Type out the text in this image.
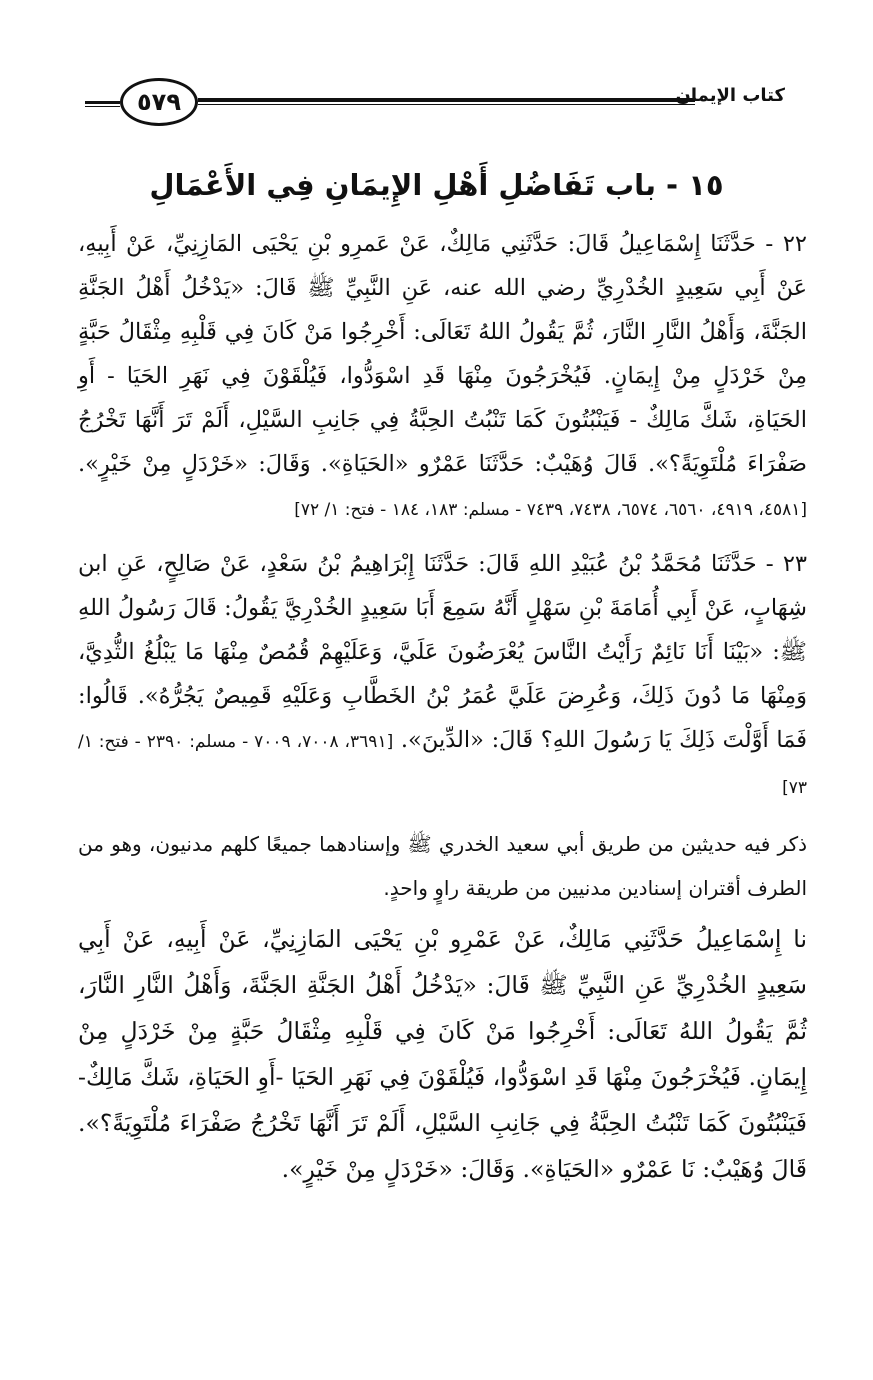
٥٧٩	كتاب الإيمان
١٥ - باب تَفَاضُلِ أَهْلِ الإِيمَانِ فِي الأَعْمَالِ

٢٢ - حَدَّثَنَا إِسْمَاعِيلُ قَالَ: حَدَّثَنِي مَالِكٌ، عَنْ عَمرِو بْنِ يَحْيَى المَازِنِيِّ، عَنْ أَبِيهِ، عَنْ أَبِي سَعِيدٍ الخُدْرِيِّ رضي الله عنه، عَنِ النَّبِيِّ ﷺ قَالَ: «يَدْخُلُ أَهْلُ الجَنَّةِ الجَنَّةَ، وَأَهْلُ النَّارِ النَّارَ، ثُمَّ يَقُولُ اللهُ تَعَالَى: أَخْرِجُوا مَنْ كَانَ فِي قَلْبِهِ مِثْقَالُ حَبَّةٍ مِنْ خَرْدَلٍ مِنْ إِيمَانٍ. فَيُخْرَجُونَ مِنْهَا قَدِ اسْوَدُّوا، فَيُلْقَوْنَ فِي نَهَرِ الحَيَا - أَوِ الحَيَاةِ، شَكَّ مَالِكٌ - فَيَنْبُتُونَ كَمَا تَنْبُتُ الحِبَّةُ فِي جَانِبِ السَّيْلِ، أَلَمْ تَرَ أَنَّهَا تَخْرُجُ صَفْرَاءَ مُلْتَوِيَةً؟». قَالَ وُهَيْبٌ: حَدَّثَنَا عَمْرٌو «الحَيَاةِ». وَقَالَ: «خَرْدَلٍ مِنْ خَيْرٍ». [٤٥٨١، ٤٩١٩، ٦٥٦٠، ٦٥٧٤، ٧٤٣٨، ٧٤٣٩ - مسلم: ١٨٣، ١٨٤ - فتح: ١/ ٧٢]

٢٣ - حَدَّثَنَا مُحَمَّدُ بْنُ عُبَيْدِ اللهِ قَالَ: حَدَّثَنَا إِبْرَاهِيمُ بْنُ سَعْدٍ، عَنْ صَالِحٍ، عَنِ ابن شِهَابٍ، عَنْ أَبِي أُمَامَةَ بْنِ سَهْلٍ أَنَّهُ سَمِعَ أَبَا سَعِيدٍ الخُدْرِيَّ يَقُولُ: قَالَ رَسُولُ اللهِ ﷺ: «بَيْنَا أَنَا نَائِمٌ رَأَيْتُ النَّاسَ يُعْرَضُونَ عَلَيَّ، وَعَلَيْهِمْ قُمُصٌ مِنْهَا مَا يَبْلُغُ الثُّدِيَّ، وَمِنْهَا مَا دُونَ ذَلِكَ، وَعُرِضَ عَلَيَّ عُمَرُ بْنُ الخَطَّابِ وَعَلَيْهِ قَمِيصٌ يَجُرُّهُ». قَالُوا: فَمَا أَوَّلْتَ ذَلِكَ يَا رَسُولَ اللهِ؟ قَالَ: «الدِّينَ». [٣٦٩١، ٧٠٠٨، ٧٠٠٩ - مسلم: ٢٣٩٠ - فتح: ١/ ٧٣]

ذكر فيه حديثين من طريق أبي سعيد الخدري ﷺ وإسنادهما جميعًا كلهم مدنيون، وهو من الطرف أقتران إسنادين مدنيين من طريقة راوٍ واحدٍ.

نا إِسْمَاعِيلُ حَدَّثَنِي مَالِكٌ، عَنْ عَمْرِو بْنِ يَحْيَى المَازِنِيِّ، عَنْ أَبِيهِ، عَنْ أَبِي سَعِيدٍ الخُدْرِيِّ عَنِ النَّبِيِّ ﷺ قَالَ: «يَدْخُلُ أَهْلُ الجَنَّةِ الجَنَّةَ، وَأَهْلُ النَّارِ النَّارَ، ثُمَّ يَقُولُ اللهُ تَعَالَى: أَخْرِجُوا مَنْ كَانَ فِي قَلْبِهِ مِثْقَالُ حَبَّةٍ مِنْ خَرْدَلٍ مِنْ إِيمَانٍ. فَيُخْرَجُونَ مِنْهَا قَدِ اسْوَدُّوا، فَيُلْقَوْنَ فِي نَهَرِ الحَيَا -أَوِ الحَيَاةِ، شَكَّ مَالِكٌ- فَيَنْبُتُونَ كَمَا تَنْبُتُ الحِبَّةُ فِي جَانِبِ السَّيْلِ، أَلَمْ تَرَ أَنَّهَا تَخْرُجُ صَفْرَاءَ مُلْتَوِيَةً؟». قَالَ وُهَيْبٌ: نَا عَمْرٌو «الحَيَاةِ». وَقَالَ: «خَرْدَلٍ مِنْ خَيْرٍ».
